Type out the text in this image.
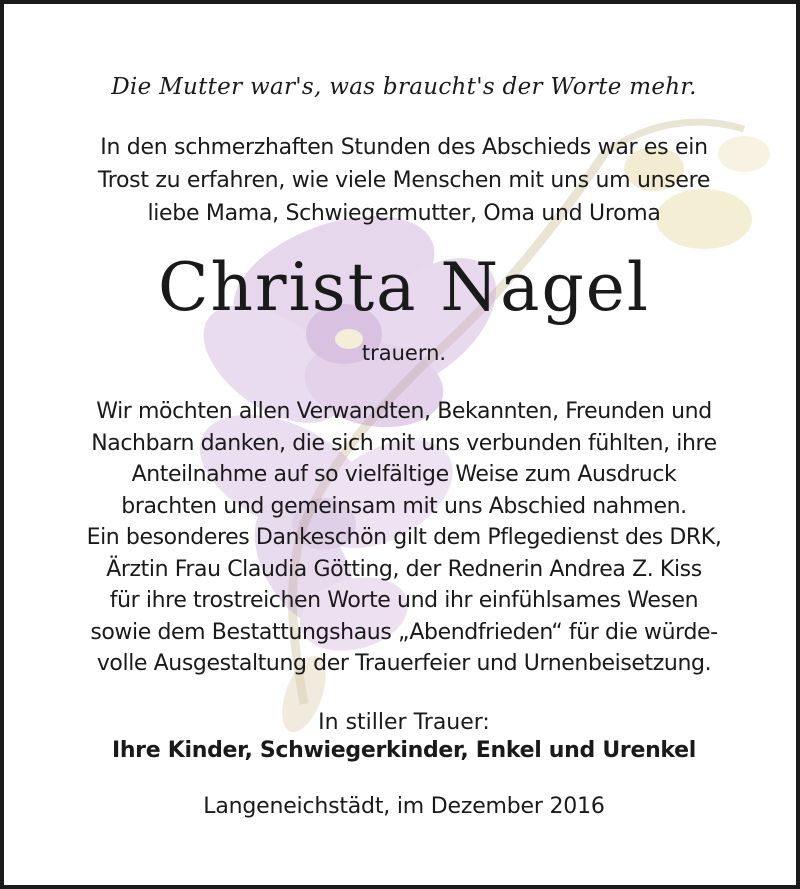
Die Mutter war's, was braucht's der Worte mehr.
In den schmerzhaften Stunden des Abschieds war es ein
Trost zu erfahren, wie viele Menschen mit uns um unsere
liebe Mama, Schwiegermutter, Oma und Uroma
Christa Nagel
trauern.
Wir möchten allen Verwandten, Bekannten, Freunden und
Nachbarn danken, die sich mit uns verbunden fühlten, ihre
Anteilnahme auf so vielfältige Weise zum Ausdruck
brachten und gemeinsam mit uns Abschied nahmen.
Ein besonderes Dankeschön gilt dem Pflegedienst des DRK,
Ärztin Frau Claudia Götting, der Rednerin Andrea Z. Kiss
für ihre trostreichen Worte und ihr einfühlsames Wesen
sowie dem Bestattungshaus „Abendfrieden“ für die würde-
volle Ausgestaltung der Trauerfeier und Urnenbeisetzung.
In stiller Trauer:
Ihre Kinder, Schwiegerkinder, Enkel und Urenkel
Langeneichstädt, im Dezember 2016
